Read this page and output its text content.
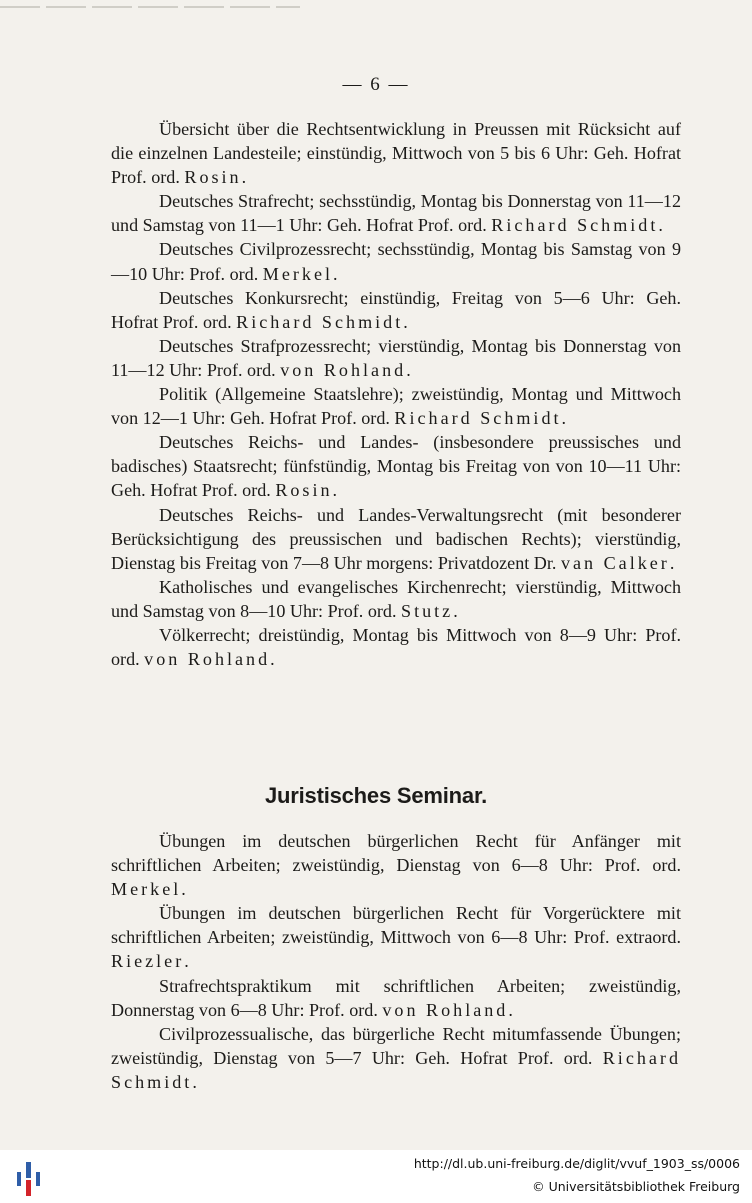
— 6 —

Übersicht über die Rechtsentwicklung in Preussen mit Rücksicht auf die einzelnen Landesteile; einstündig, Mittwoch von 5 bis 6 Uhr: Geh. Hofrat Prof. ord. Rosin.

Deutsches Strafrecht; sechsstündig, Montag bis Donnerstag von 11—12 und Samstag von 11—1 Uhr: Geh. Hofrat Prof. ord. Richard Schmidt.

Deutsches Civilprozessrecht; sechsstündig, Montag bis Samstag von 9—10 Uhr: Prof. ord. Merkel.

Deutsches Konkursrecht; einstündig, Freitag von 5—6 Uhr: Geh. Hofrat Prof. ord. Richard Schmidt.

Deutsches Strafprozessrecht; vierstündig, Montag bis Donnerstag von 11—12 Uhr: Prof. ord. von Rohland.

Politik (Allgemeine Staatslehre); zweistündig, Montag und Mittwoch von 12—1 Uhr: Geh. Hofrat Prof. ord. Richard Schmidt.

Deutsches Reichs- und Landes- (insbesondere preussisches und badisches) Staatsrecht; fünfstündig, Montag bis Freitag von von 10—11 Uhr: Geh. Hofrat Prof. ord. Rosin.

Deutsches Reichs- und Landes-Verwaltungsrecht (mit besonderer Berücksichtigung des preussischen und badischen Rechts); vierstündig, Dienstag bis Freitag von 7—8 Uhr morgens: Privatdozent Dr. van Calker.

Katholisches und evangelisches Kirchenrecht; vierstündig, Mittwoch und Samstag von 8—10 Uhr: Prof. ord. Stutz.

Völkerrecht; dreistündig, Montag bis Mittwoch von 8—9 Uhr: Prof. ord. von Rohland.

Juristisches Seminar.

Übungen im deutschen bürgerlichen Recht für Anfänger mit schriftlichen Arbeiten; zweistündig, Dienstag von 6—8 Uhr: Prof. ord. Merkel.

Übungen im deutschen bürgerlichen Recht für Vorgerücktere mit schriftlichen Arbeiten; zweistündig, Mittwoch von 6—8 Uhr: Prof. extraord. Riezler.

Strafrechtspraktikum mit schriftlichen Arbeiten; zweistündig, Donnerstag von 6—8 Uhr: Prof. ord. von Rohland.

Civilprozessualische, das bürgerliche Recht mitumfassende Übungen; zweistündig, Dienstag von 5—7 Uhr: Geh. Hofrat Prof. ord. Richard Schmidt.

http://dl.ub.uni-freiburg.de/diglit/vvuf_1903_ss/0006
© Universitätsbibliothek Freiburg
